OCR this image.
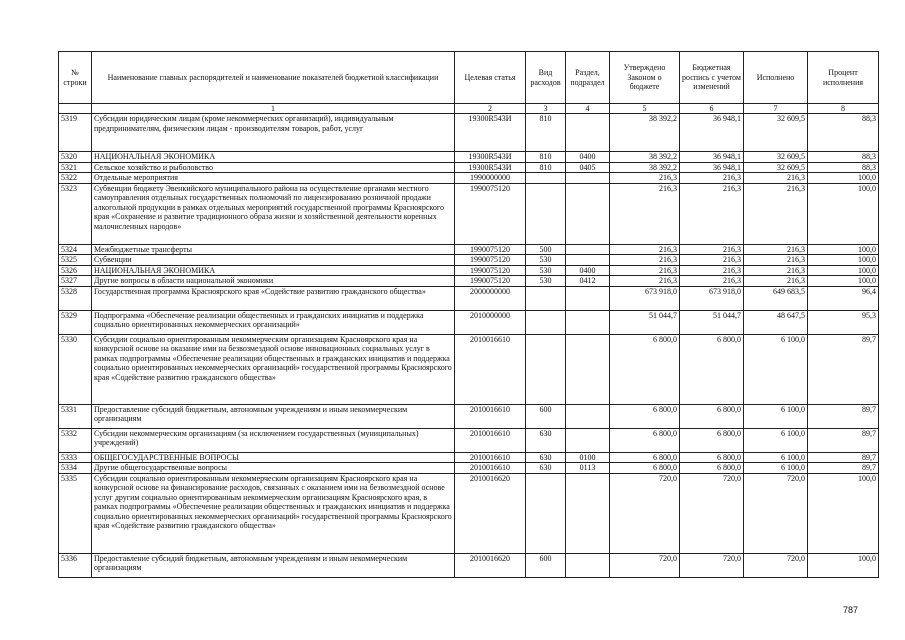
№ строки	Наименование главных распорядителей и наименование показателей бюджетной классификации	Целевая статья	Вид расходов	Раздел, подраздел	Утверждено Законом о бюджете	Бюджетная роспись с учетом изменений	Исполнено	Процент исполнения
	1	2	3	4	5	6	7	8
5319	Субсидии юридическим лицам (кроме некоммерческих организаций), индивидуальным предпринимателям, физическим лицам - производителям товаров, работ, услуг	19300R543И	810		38 392,2	36 948,1	32 609,5	88,3
5320	НАЦИОНАЛЬНАЯ ЭКОНОМИКА	19300R543И	810	0400	38 392,2	36 948,1	32 609,5	88,3
5321	Сельское хозяйство и рыболовство	19300R543И	810	0405	38 392,2	36 948,1	32 609,5	88,3
5322	Отдельные мероприятия	1990000000			216,3	216,3	216,3	100,0
5323	Субвенции бюджету Эвенкийского муниципального района на осуществление органами местного самоуправления отдельных государственных полномочий по лицензированию розничной продажи алкогольной продукции в рамках отдельных мероприятий государственной программы Красноярского края «Сохранение и развитие традиционного образа жизни и хозяйственной деятельности коренных малочисленных народов»	1990075120			216,3	216,3	216,3	100,0
5324	Межбюджетные трансферты	1990075120	500		216,3	216,3	216,3	100,0
5325	Субвенции	1990075120	530		216,3	216,3	216,3	100,0
5326	НАЦИОНАЛЬНАЯ ЭКОНОМИКА	1990075120	530	0400	216,3	216,3	216,3	100,0
5327	Другие вопросы в области национальной экономики	1990075120	530	0412	216,3	216,3	216,3	100,0
5328	Государственная программа Красноярского края «Содействие развитию гражданского общества»	2000000000			673 918,0	673 918,0	649 683,5	96,4
5329	Подпрограмма «Обеспечение реализации общественных и гражданских инициатив и поддержка социально ориентированных некоммерческих организаций»	2010000000			51 044,7	51 044,7	48 647,5	95,3
5330	Субсидии социально ориентированным некоммерческим организациям Красноярского края на конкурсной основе на оказание ими на безвозмездной основе инновационных социальных услуг в рамках подпрограммы «Обеспечение реализации общественных и гражданских инициатив и поддержка социально ориентированных некоммерческих организаций» государственной программы Красноярского края «Содействие развитию гражданского общества»	2010016610			6 800,0	6 800,0	6 100,0	89,7
5331	Предоставление субсидий бюджетным, автономным учреждениям и иным некоммерческим организациям	2010016610	600		6 800,0	6 800,0	6 100,0	89,7
5332	Субсидии некоммерческим организациям (за исключением государственных (муниципальных) учреждений)	2010016610	630		6 800,0	6 800,0	6 100,0	89,7
5333	ОБЩЕГОСУДАРСТВЕННЫЕ ВОПРОСЫ	2010016610	630	0100	6 800,0	6 800,0	6 100,0	89,7
5334	Другие общегосударственные вопросы	2010016610	630	0113	6 800,0	6 800,0	6 100,0	89,7
5335	Субсидии социально ориентированным некоммерческим организациям Красноярского края на конкурсной основе на финансирование расходов, связанных с оказанием ими на безвозмездной основе услуг другим социально ориентированным некоммерческим организациям Красноярского края, в рамках подпрограммы «Обеспечение реализации общественных и гражданских инициатив и поддержка социально ориентированных некоммерческих организаций» государственной программы Красноярского края «Содействие развитию гражданского общества»	2010016620			720,0	720,0	720,0	100,0
5336	Предоставление субсидий бюджетным, автономным учреждениям и иным некоммерческим организациям	2010016620	600		720,0	720,0	720,0	100,0
787
